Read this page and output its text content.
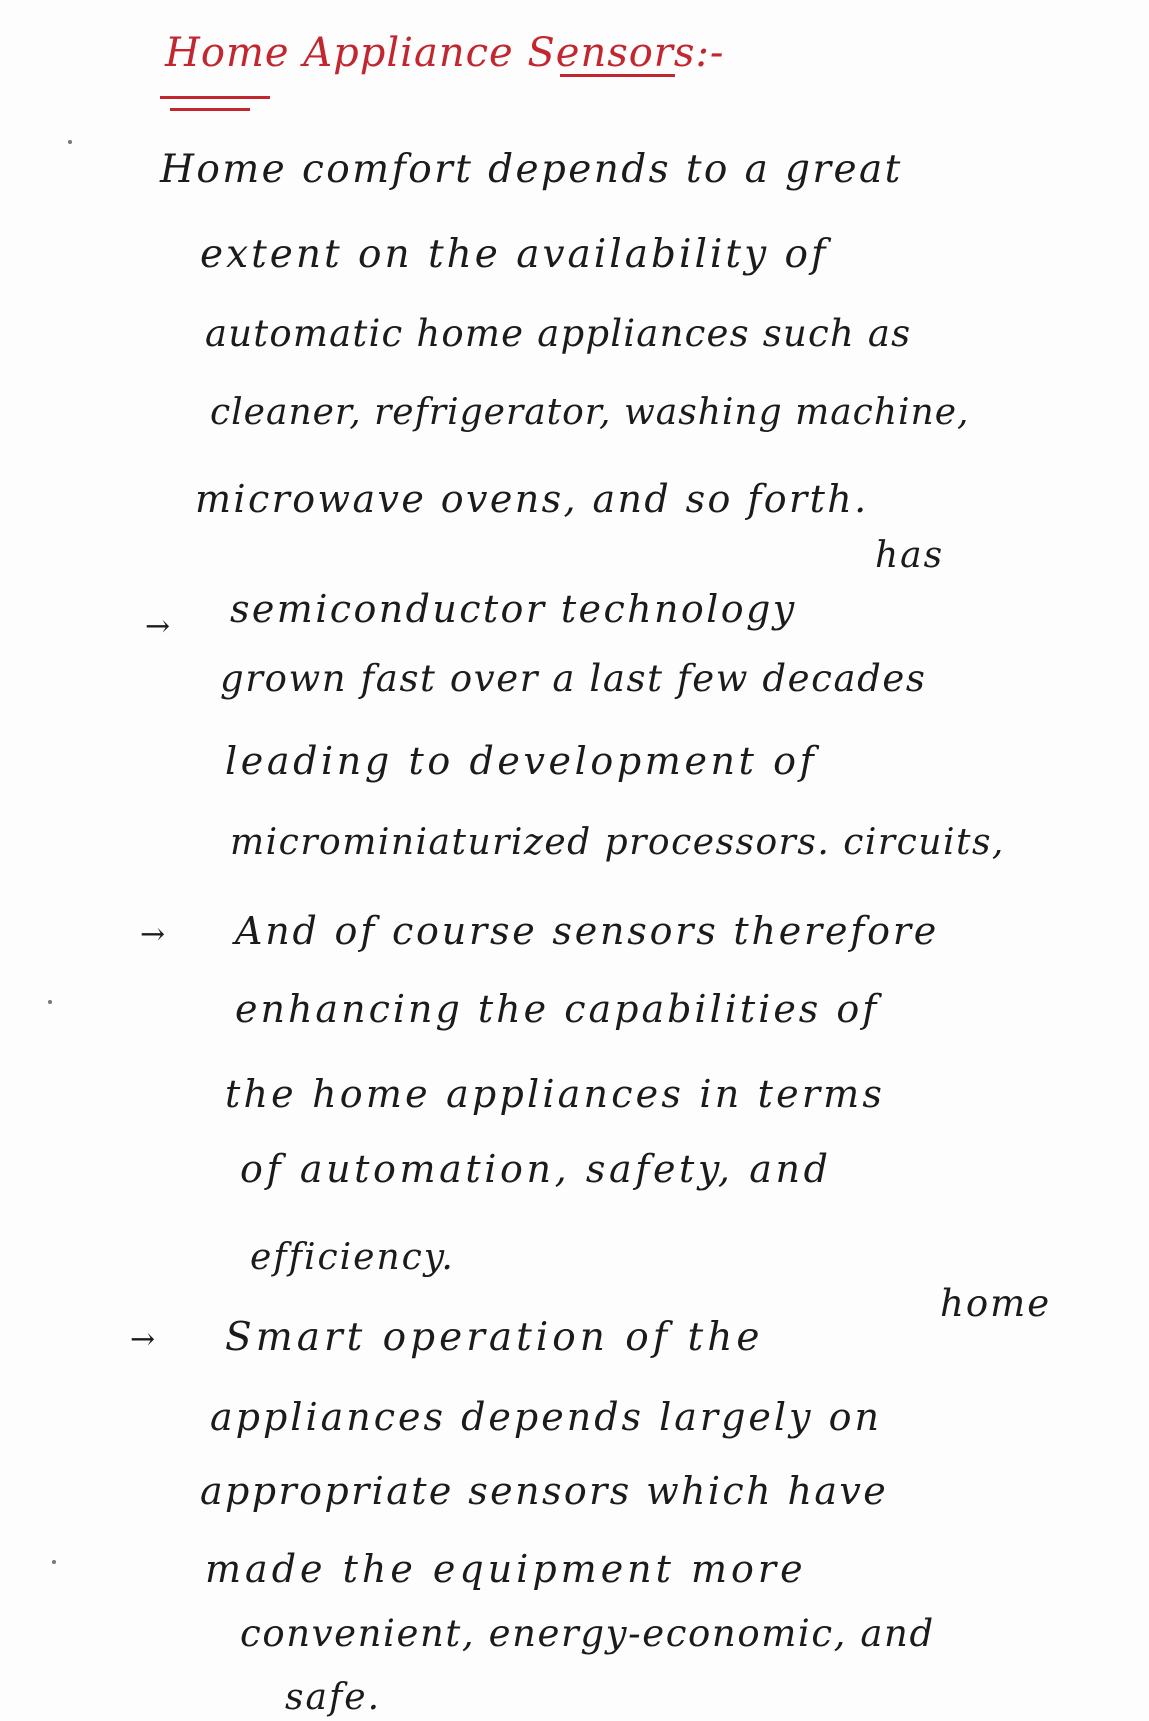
Home Appliance Sensors:-
Home comfort depends to a great
extent on the availability of
automatic home appliances such as
cleaner, refrigerator, washing machine,
microwave ovens, and so forth.
→
has
semiconductor technology
grown fast over a last few decades
leading to development of
microminiaturized processors. circuits,
→ And of course sensors therefore
enhancing the capabilities of
the home appliances in terms
of automation, safety, and
efficiency.
→
home
Smart operation of the
appliances depends largely on
appropriate sensors which have
made the equipment more
convenient, energy-economic, and
safe.
